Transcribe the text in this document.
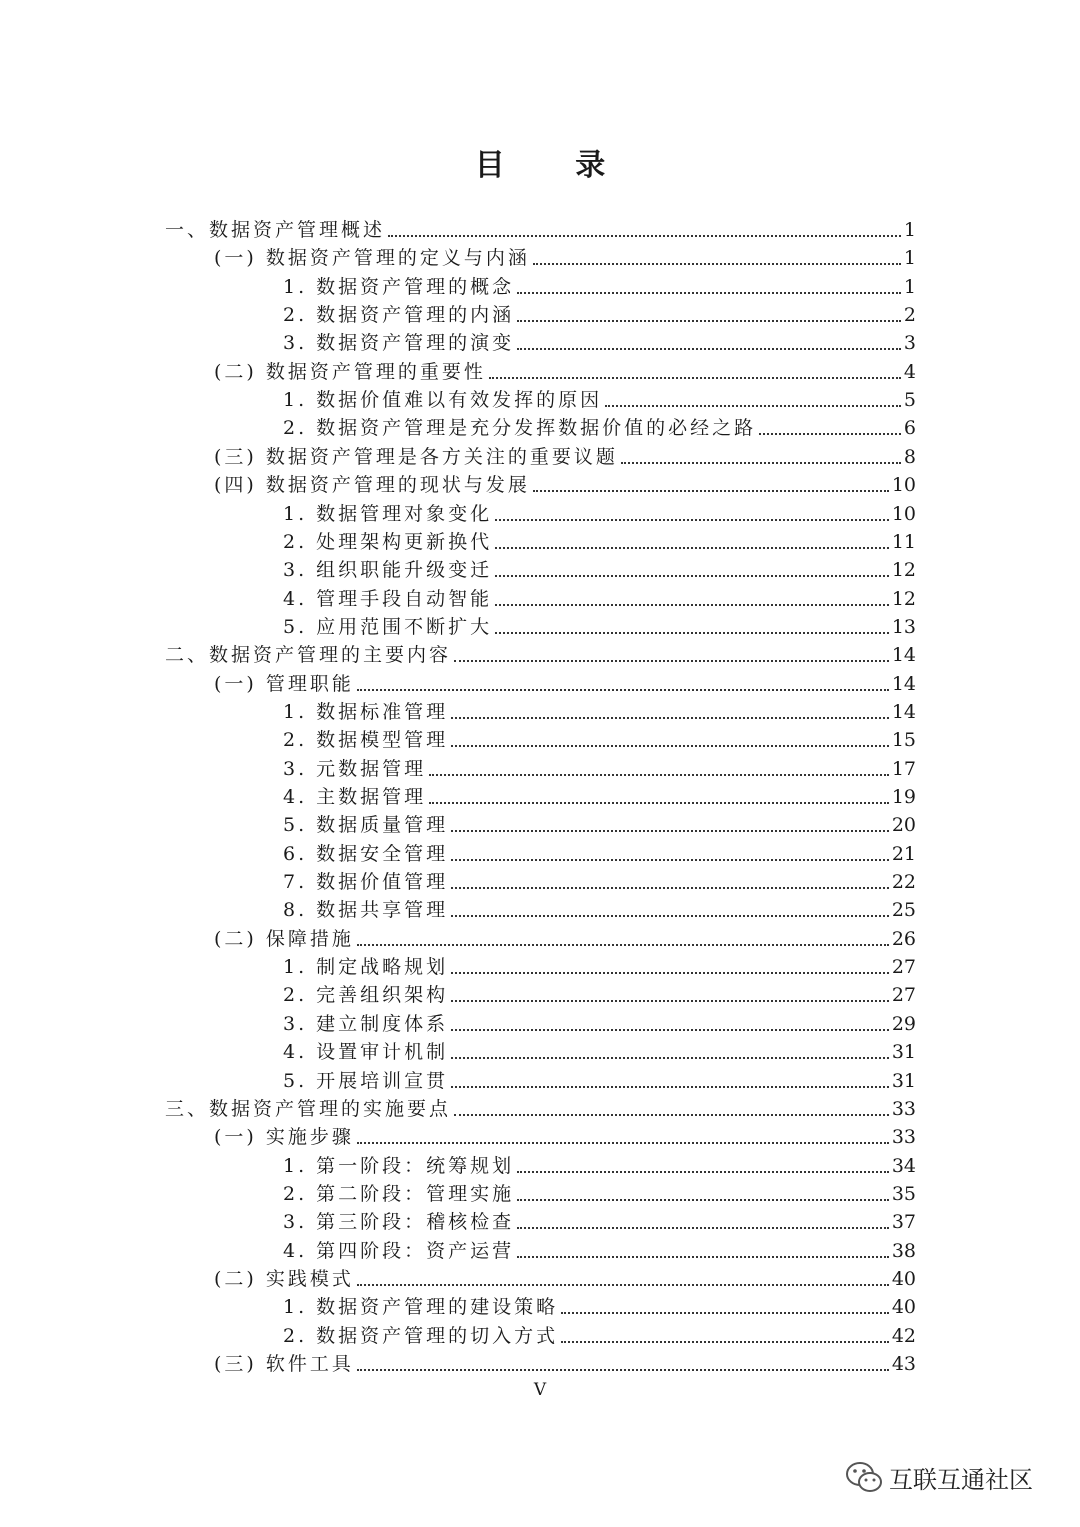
目 录
一、数据资产管理概述	1
(一) 数据资产管理的定义与内涵	1
1. 数据资产管理的概念	1
2. 数据资产管理的内涵	2
3. 数据资产管理的演变	3
(二) 数据资产管理的重要性	4
1. 数据价值难以有效发挥的原因	5
2. 数据资产管理是充分发挥数据价值的必经之路	6
(三) 数据资产管理是各方关注的重要议题	8
(四) 数据资产管理的现状与发展	10
1. 数据管理对象变化	10
2. 处理架构更新换代	11
3. 组织职能升级变迁	12
4. 管理手段自动智能	12
5. 应用范围不断扩大	13
二、数据资产管理的主要内容	14
(一) 管理职能	14
1. 数据标准管理	14
2. 数据模型管理	15
3. 元数据管理	17
4. 主数据管理	19
5. 数据质量管理	20
6. 数据安全管理	21
7. 数据价值管理	22
8. 数据共享管理	25
(二) 保障措施	26
1. 制定战略规划	27
2. 完善组织架构	27
3. 建立制度体系	29
4. 设置审计机制	31
5. 开展培训宣贯	31
三、数据资产管理的实施要点	33
(一) 实施步骤	33
1. 第一阶段：统筹规划	34
2. 第二阶段：管理实施	35
3. 第三阶段：稽核检查	37
4. 第四阶段：资产运营	38
(二) 实践模式	40
1. 数据资产管理的建设策略	40
2. 数据资产管理的切入方式	42
(三) 软件工具	43
V
互联互通社区
